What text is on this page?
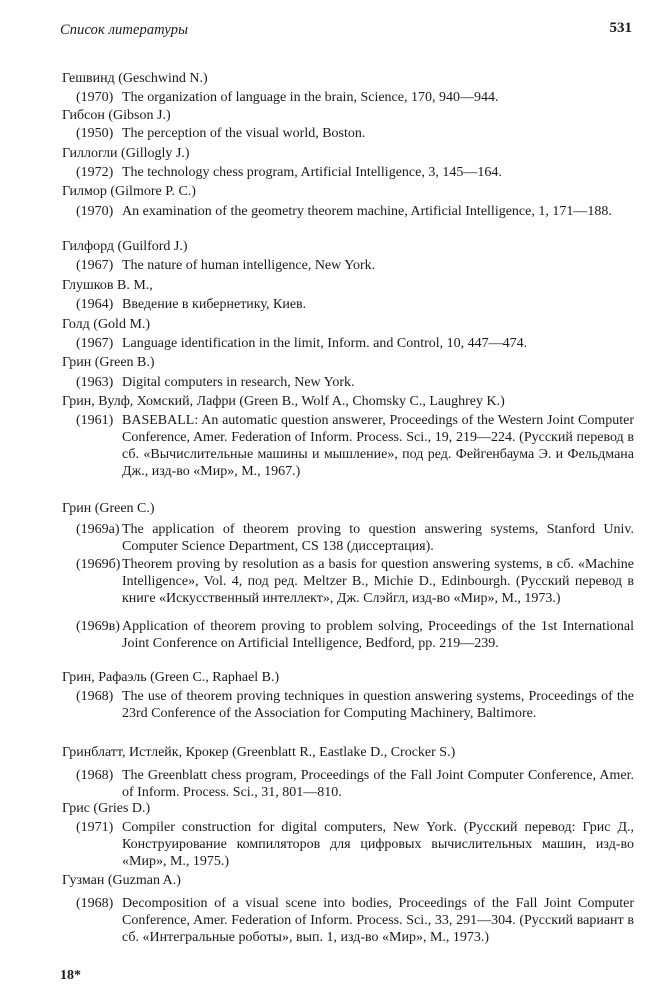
Список литературы	531
Гешвинд (Geschwind N.)
(1970) The organization of language in the brain, Science, 170, 940—944.
Гибсон (Gibson J.)
(1950) The perception of the visual world, Boston.
Гиллогли (Gillogly J.)
(1972) The technology chess program, Artificial Intelligence, 3, 145—164.
Гилмор (Gilmore P. C.)
(1970) An examination of the geometry theorem machine, Artificial Intelligence, 1, 171—188.
Гилфорд (Guilford J.)
(1967) The nature of human intelligence, New York.
Глушков В. М.,
(1964) Введение в кибернетику, Киев.
Голд (Gold M.)
(1967) Language identification in the limit, Inform. and Control, 10, 447—474.
Грин (Green B.)
(1963) Digital computers in research, New York.
Грин, Вулф, Хомский, Лафри (Green B., Wolf A., Chomsky C., Laughrey K.)
(1961) BASEBALL: An automatic question answerer, Proceedings of the Western Joint Computer Conference, Amer. Federation of Inform. Process. Sci., 19, 219—224. (Русский перевод в сб. «Вычислительные машины и мышление», под ред. Фейгенбаума Э. и Фельдмана Дж., изд-во «Мир», М., 1967.)
Грин (Green C.)
(1969a) The application of theorem proving to question answering systems, Stanford Univ. Computer Science Department, CS 138 (диссертация).
(1969б) Theorem proving by resolution as a basis for question answering systems, в сб. «Machine Intelligence», Vol. 4, под ред. Meltzer B., Michie D., Edinbourgh. (Русский перевод в книге «Искусственный интеллект», Дж. Слэйгл, изд-во «Мир», М., 1973.)
(1969в) Application of theorem proving to problem solving, Proceedings of the 1st International Joint Conference on Artificial Intelligence, Bedford, pp. 219—239.
Грин, Рафаэль (Green C., Raphael B.)
(1968) The use of theorem proving techniques in question answering systems, Proceedings of the 23rd Conference of the Association for Computing Machinery, Baltimore.
Гринблатт, Истлейк, Крокер (Greenblatt R., Eastlake D., Crocker S.)
(1968) The Greenblatt chess program, Proceedings of the Fall Joint Computer Conference, Amer. of Inform. Process. Sci., 31, 801—810.
Грис (Gries D.)
(1971) Compiler construction for digital computers, New York. (Русский перевод: Грис Д., Конструирование компиляторов для цифровых вычислительных машин, изд-во «Мир», М., 1975.)
Гузман (Guzman A.)
(1968) Decomposition of a visual scene into bodies, Proceedings of the Fall Joint Computer Conference, Amer. Federation of Inform. Process. Sci., 33, 291—304. (Русский вариант в сб. «Интегральные роботы», вып. 1, изд-во «Мир», М., 1973.)
18*
